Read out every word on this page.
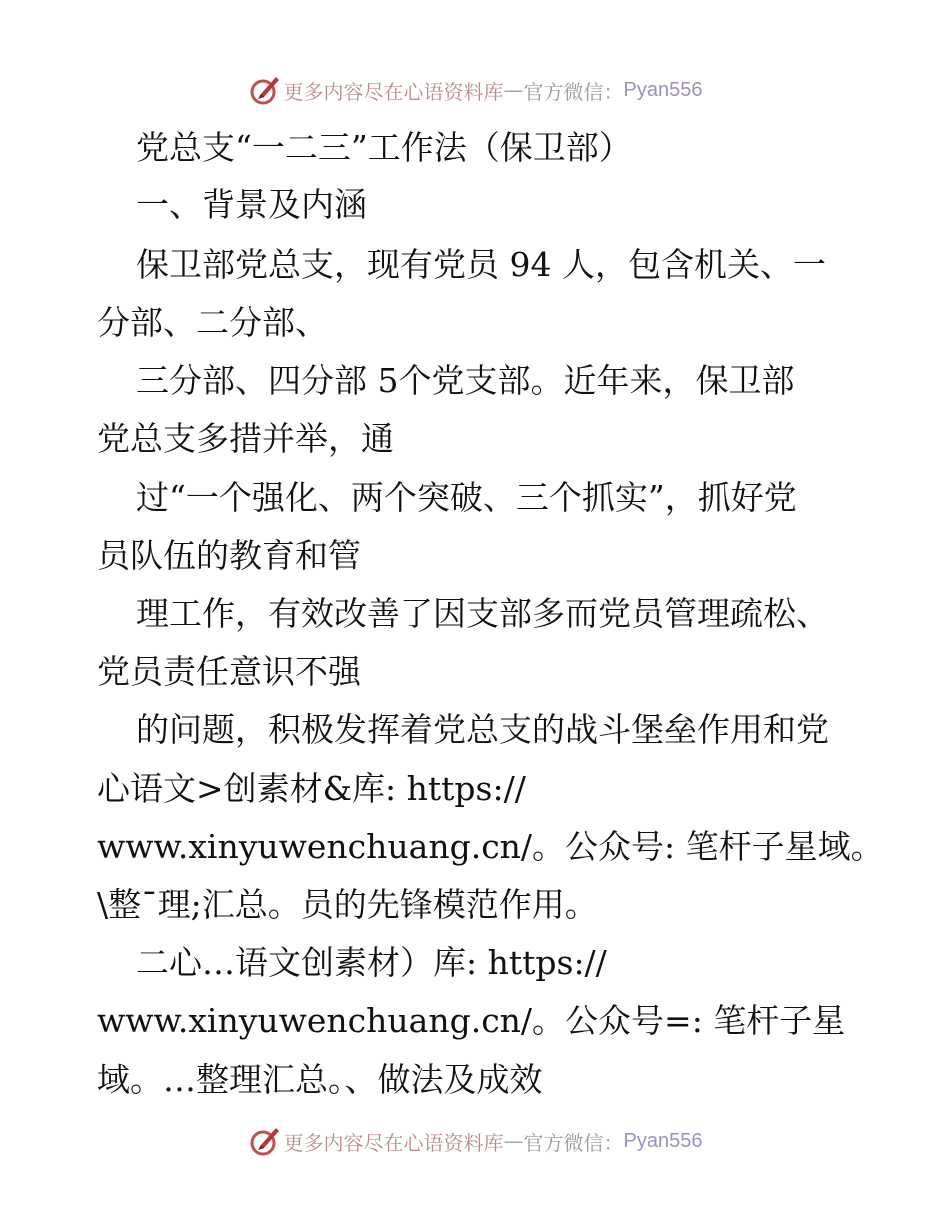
更多内容尽在心语资料库 — 官方微信： Pyan556
党总支“一二三”工作法（保卫部）
一、背景及内涵
保卫部党总支，现有党员 94 人，包含机关、一
分部、二分部、
三分部、四分部 5个党支部。近年来，保卫部
党总支多措并举，通
过“一个强化、两个突破、三个抓实”，抓好党
员队伍的教育和管
理工作，有效改善了因支部多而党员管理疏松、
党员责任意识不强
的问题，积极发挥着党总支的战斗堡垒作用和党
心语文>创素材&库: https://
www.xinyuwenchuang.cn/。公众号: 笔杆子星域。
\整¯理;汇总。员的先锋模范作用。
二心…语文创素材）库: https://
www.xinyuwenchuang.cn/。公众号=: 笔杆子星
域。…整理汇总。、做法及成效
更多内容尽在心语资料库 — 官方微信： Pyan556
